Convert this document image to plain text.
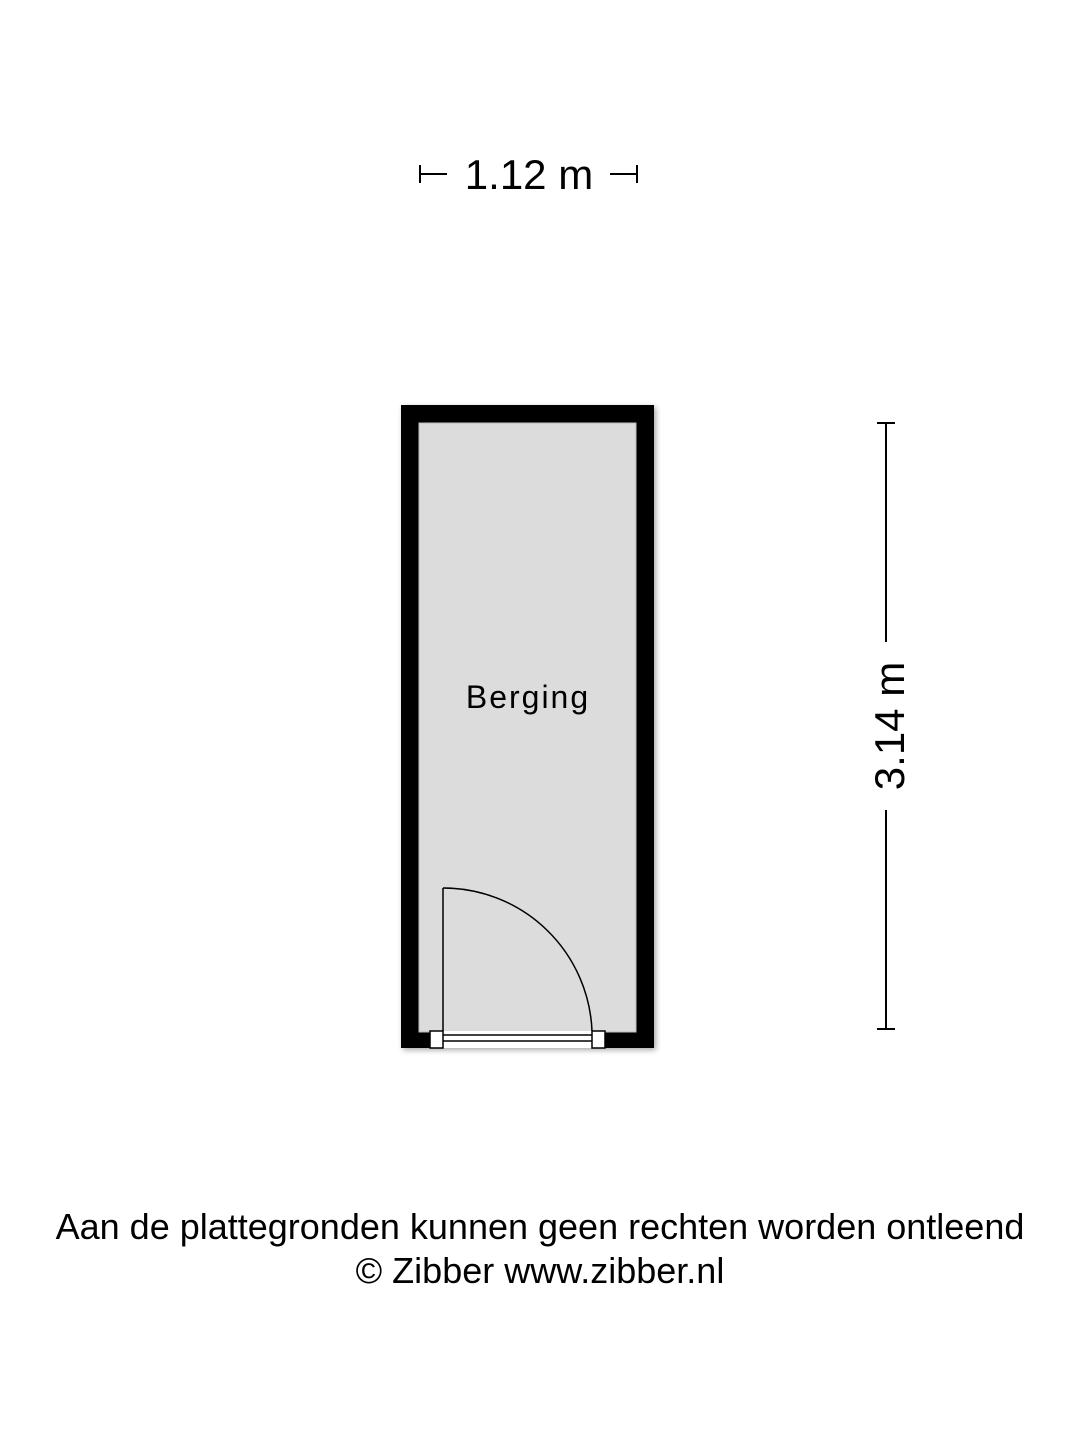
1.12 m
Berging	3.14 m
Aan de plattegronden kunnen geen rechten worden ontleend
© Zibber www.zibber.nl
